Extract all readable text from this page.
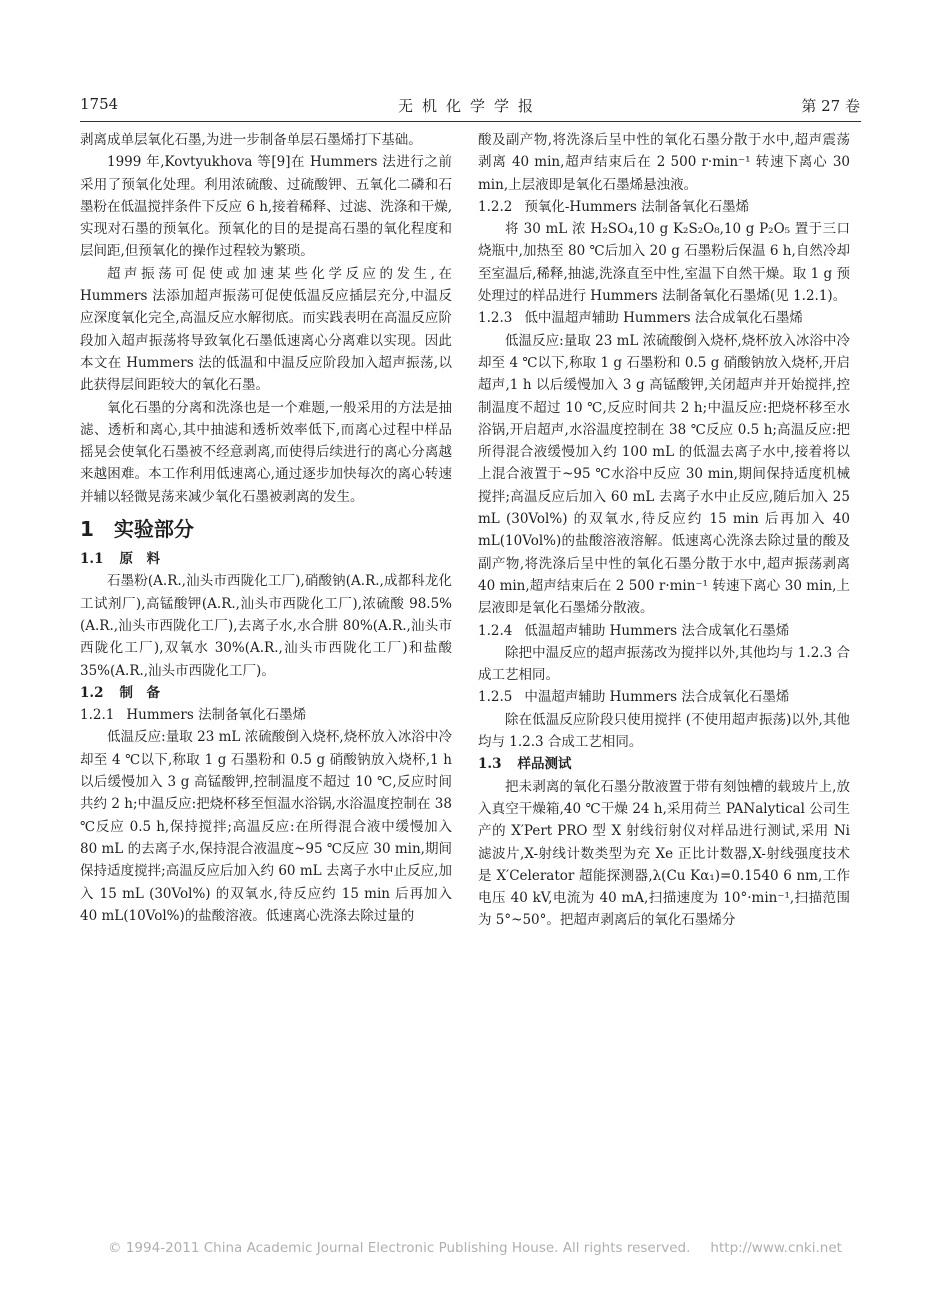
1754	无机化学学报	第 27 卷

剥离成单层氧化石墨,为进一步制备单层石墨烯打下基础。

1999 年,Kovtyukhova 等[9]在 Hummers 法进行之前采用了预氧化处理。利用浓硫酸、过硫酸钾、五氧化二磷和石墨粉在低温搅拌条件下反应 6 h,接着稀释、过滤、洗涤和干燥,实现对石墨的预氧化。预氧化的目的是提高石墨的氧化程度和层间距,但预氧化的操作过程较为繁琐。

超声振荡可促使或加速某些化学反应的发生,在 Hummers 法添加超声振荡可促使低温反应插层充分,中温反应深度氧化完全,高温反应水解彻底。而实践表明在高温反应阶段加入超声振荡将导致氧化石墨低速离心分离难以实现。因此本文在 Hummers 法的低温和中温反应阶段加入超声振荡,以此获得层间距较大的氧化石墨。

氧化石墨的分离和洗涤也是一个难题,一般采用的方法是抽滤、透析和离心,其中抽滤和透析效率低下,而离心过程中样品摇晃会使氧化石墨被不经意剥离,而使得后续进行的离心分离越来越困难。本工作利用低速离心,通过逐步加快每次的离心转速并辅以轻微晃荡来减少氧化石墨被剥离的发生。

1 实验部分
1.1 原　料

石墨粉(A.R.,汕头市西陇化工厂),硝酸钠(A.R.,成都科龙化工试剂厂),高锰酸钾(A.R.,汕头市西陇化工厂),浓硫酸 98.5%(A.R.,汕头市西陇化工厂),去离子水,水合肼 80%(A.R.,汕头市西陇化工厂),双氧水 30%(A.R.,汕头市西陇化工厂)和盐酸 35%(A.R.,汕头市西陇化工厂)。

1.2 制　备
1.2.1 Hummers 法制备氧化石墨烯

低温反应:量取 23 mL 浓硫酸倒入烧杯,烧杯放入冰浴中冷却至 4 ℃以下,称取 1 g 石墨粉和 0.5 g 硝酸钠放入烧杯,1 h 以后缓慢加入 3 g 高锰酸钾,控制温度不超过 10 ℃,反应时间共约 2 h;中温反应:把烧杯移至恒温水浴锅,水浴温度控制在 38 ℃反应 0.5 h,保持搅拌;高温反应:在所得混合液中缓慢加入 80 mL 的去离子水,保持混合液温度~95 ℃反应 30 min,期间保持适度搅拌;高温反应后加入约 60 mL 去离子水中止反应,加入 15 mL (30Vol%) 的双氧水,待反应约 15 min 后再加入 40 mL(10Vol%)的盐酸溶液。低速离心洗涤去除过量的

酸及副产物,将洗涤后呈中性的氧化石墨分散于水中,超声震荡剥离 40 min,超声结束后在 2 500 r·min⁻¹ 转速下离心 30 min,上层液即是氧化石墨烯悬浊液。

1.2.2 预氧化-Hummers 法制备氧化石墨烯

将 30 mL 浓 H₂SO₄,10 g K₂S₂O₈,10 g P₂O₅ 置于三口烧瓶中,加热至 80 ℃后加入 20 g 石墨粉后保温 6 h,自然冷却至室温后,稀释,抽滤,洗涤直至中性,室温下自然干燥。取 1 g 预处理过的样品进行 Hummers 法制备氧化石墨烯(见 1.2.1)。

1.2.3 低中温超声辅助 Hummers 法合成氧化石墨烯

低温反应:量取 23 mL 浓硫酸倒入烧杯,烧杯放入冰浴中冷却至 4 ℃以下,称取 1 g 石墨粉和 0.5 g 硝酸钠放入烧杯,开启超声,1 h 以后缓慢加入 3 g 高锰酸钾,关闭超声并开始搅拌,控制温度不超过 10 ℃,反应时间共 2 h;中温反应:把烧杯移至水浴锅,开启超声,水浴温度控制在 38 ℃反应 0.5 h;高温反应:把所得混合液缓慢加入约 100 mL 的低温去离子水中,接着将以上混合液置于~95 ℃水浴中反应 30 min,期间保持适度机械搅拌;高温反应后加入 60 mL 去离子水中止反应,随后加入 25 mL (30Vol%) 的双氧水,待反应约 15 min 后再加入 40 mL(10Vol%)的盐酸溶液溶解。低速离心洗涤去除过量的酸及副产物,将洗涤后呈中性的氧化石墨分散于水中,超声振荡剥离 40 min,超声结束后在 2 500 r·min⁻¹ 转速下离心 30 min,上层液即是氧化石墨烯分散液。

1.2.4 低温超声辅助 Hummers 法合成氧化石墨烯

除把中温反应的超声振荡改为搅拌以外,其他均与 1.2.3 合成工艺相同。

1.2.5 中温超声辅助 Hummers 法合成氧化石墨烯

除在低温反应阶段只使用搅拌 (不使用超声振荡)以外,其他均与 1.2.3 合成工艺相同。

1.3 样品测试

把未剥离的氧化石墨分散液置于带有刻蚀槽的载玻片上,放入真空干燥箱,40 ℃干燥 24 h,采用荷兰 PANalytical 公司生产的 X′Pert PRO 型 X 射线衍射仪对样品进行测试,采用 Ni 滤波片,X-射线计数类型为充 Xe 正比计数器,X-射线强度技术是 X′Celerator 超能探测器,λ(Cu Kα₁)=0.1540 6 nm,工作电压 40 kV,电流为 40 mA,扫描速度为 10°·min⁻¹,扫描范围为 5°~50°。把超声剥离后的氧化石墨烯分

© 1994-2011 China Academic Journal Electronic Publishing House. All rights reserved. http://www.cnki.net
